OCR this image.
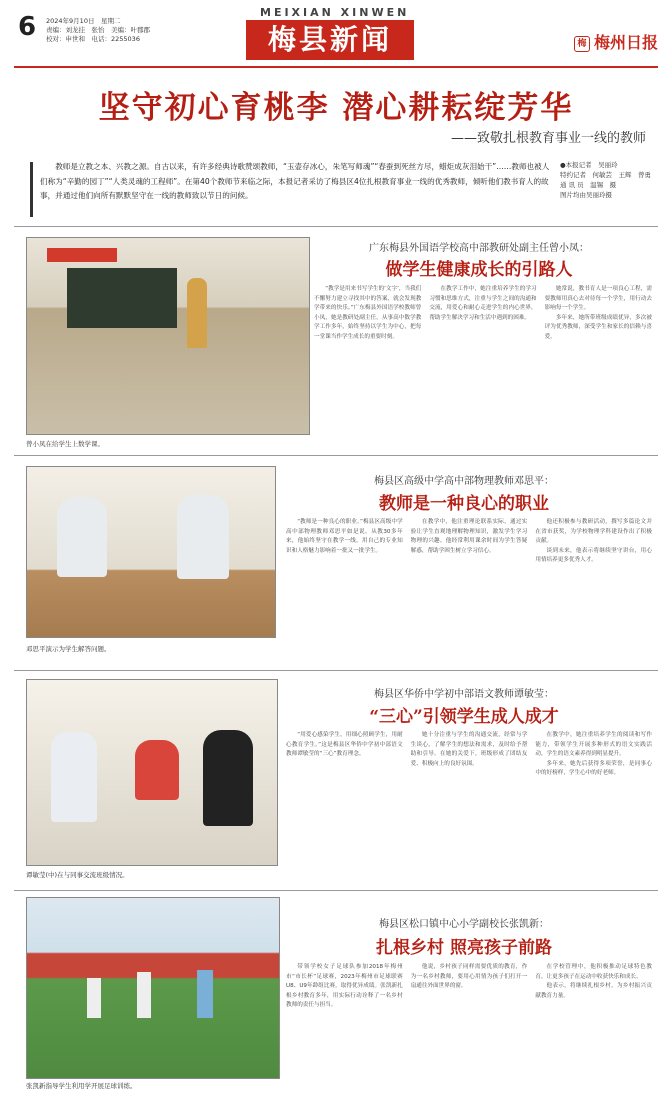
6 2024年9月10日　星期二
责编：刘龙挂　张怡　美编：叶郡郡
校对：申世和　电话：2255036
MEIXIAN XINWEN
梅县新闻	梅 梅州日报
坚守初心育桃李 潜心耕耘绽芳华
——致敬扎根教育事业一线的教师
教师是立教之本、兴教之源。自古以来，有许多经典诗歌赞颂教师，“玉壶存冰心，朱笔写师魂”“春蚕到死丝方尽，蜡炬成灰泪始干”……教师也被人们称为“辛勤的园丁”“人类灵魂的工程师”。在第40个教师节来临之际，本报记者采访了梅县区4位扎根教育事业一线的优秀教师，倾听他们教书育人的故事，并通过他们向所有默默坚守在一线的教师致以节日的问候。
●本报记者　吴丽玲
特约记者　何敏芸　王辉　曾勇
通 讯 员　温锡　摄
图片均由吴丽玲摄
曾小凤在给学生上数学课。
广东梅县外国语学校高中部教研处副主任曾小凤：
做学生健康成长的引路人

“教学是用来书写学生的‘文字’，当我们不懈努力建立寻找其中的答案，就会发现教学带来的快乐。”广东梅县外国语学校教师曾小凤，她是教研处副主任，从事高中数学教学工作多年，始终坚持以学生为中心，把每一堂课当作学生成长的重要时刻。

在教学工作中，她注重培养学生的学习习惯和思维方式，注重与学生之间的沟通和交流，用爱心和耐心走进学生的内心世界，帮助学生解决学习和生活中遇到的困难。

她常说，教书育人是一项良心工程，需要教师用真心去对待每一个学生，用行动去影响每一个学生。

多年来，她所带班级成绩优异，多次被评为优秀教师，深受学生和家长的信赖与喜爱。

邓思平演示为学生解答问题。
梅县区高级中学高中部物理教师邓思平：
教师是一种良心的职业

“教师是一种良心的职业。”梅县区高级中学高中部物理教师邓思平如是说。从教30多年来，他始终坚守在教学一线，用自己的专业知识和人格魅力影响着一批又一批学生。

在教学中，他注重理论联系实际，通过实验让学生直观地理解物理知识，激发学生学习物理的兴趣。他经常利用课余时间为学生答疑解惑，帮助学困生树立学习信心。

他还积极参与教研活动，撰写多篇论文并在省市获奖，为学校物理学科建设作出了积极贡献。

谈到未来，他表示将继续坚守讲台，用心用情培养更多优秀人才。

谭敏莹(中)在与同事交流班级情况。
梅县区华侨中学初中部语文教师谭敏莹：
“三心”引领学生成人成才

“用爱心感染学生，用细心照顾学生，用耐心教育学生。”这是梅县区华侨中学初中部语文教师谭敏莹的“三心”教育理念。

她十分注重与学生的沟通交流，经常与学生谈心，了解学生的想法和需求，及时给予帮助和引导。在她的关爱下，班级形成了团结友爱、积极向上的良好氛围。

在教学中，她注重培养学生的阅读和写作能力，带领学生开展多种形式的语文实践活动，学生的语文素养得到明显提升。

多年来，她先后获得多项荣誉，是同事心中的好榜样，学生心中的好老师。

张凯新指导学生利用学开展足球训练。
梅县区松口镇中心小学副校长张凯新：
扎根乡村 照亮孩子前路

带领学校女子足球队参加2018年梅州市“市长杯”足球赛，2023年梅州市足球联赛U8、U9年龄组比赛，取得优异成绩。张凯新扎根乡村教育多年，用实际行动诠释了一名乡村教师的责任与担当。

他说，乡村孩子同样需要优质的教育，作为一名乡村教师，要用心用情为孩子们打开一扇通往外面世界的窗。

在学校管理中，他积极推动足球特色教育，让更多孩子在运动中收获快乐和成长。

他表示，将继续扎根乡村，为乡村振兴贡献教育力量。
